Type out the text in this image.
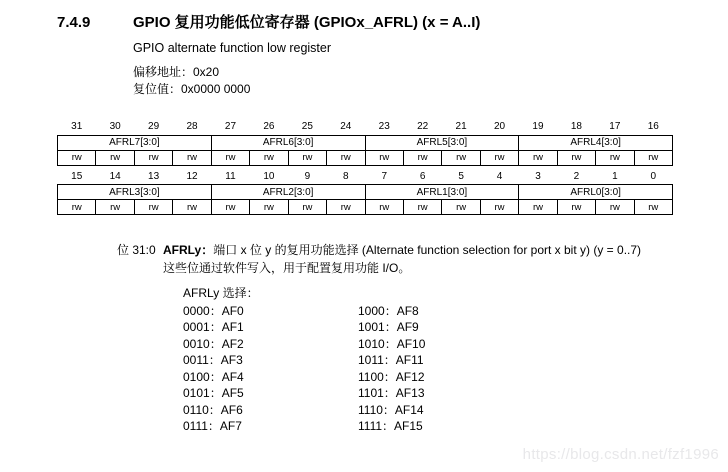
7.4.9	GPIO 复用功能低位寄存器 (GPIOx_AFRL) (x = A..I)
GPIO alternate function low register
偏移地址：0x20
复位值：0x0000 0000
31	30	29	28	27	26	25	24	23	22	21	20	19	18	17	16
AFRL7[3:0]				AFRL6[3:0]				AFRL5[3:0]				AFRL4[3:0]			
rw	rw	rw	rw	rw	rw	rw	rw	rw	rw	rw	rw	rw	rw	rw	rw
15	14	13	12	11	10	9	8	7	6	5	4	3	2	1	0
AFRL3[3:0]				AFRL2[3:0]				AFRL1[3:0]				AFRL0[3:0]			
rw	rw	rw	rw	rw	rw	rw	rw	rw	rw	rw	rw	rw	rw	rw	rw
位 31:0 AFRLy：端口 x 位 y 的复用功能选择 (Alternate function selection for port x bit y) (y = 0..7)
这些位通过软件写入，用于配置复用功能 I/O。
AFRLy 选择：
0000：AF0
0001：AF1
0010：AF2
0011：AF3
0100：AF4
0101：AF5
0110：AF6
0111：AF7
1000：AF8
1001：AF9
1010：AF10
1011：AF11
1100：AF12
1101：AF13
1110：AF14
1111：AF15
https://blog.csdn.net/fzf1996
